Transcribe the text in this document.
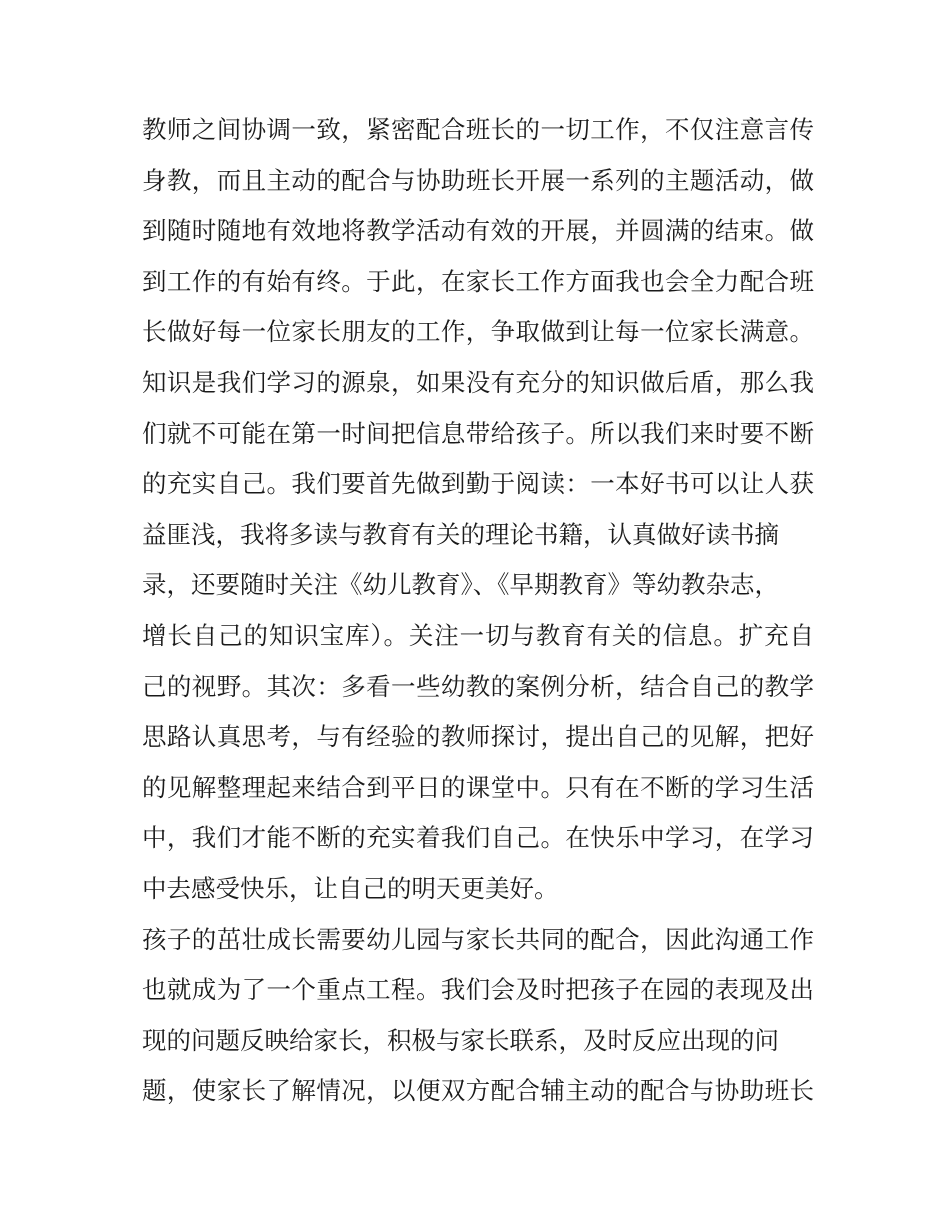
教师之间协调一致，紧密配合班长的一切工作，不仅注意言传
身教，而且主动的配合与协助班长开展一系列的主题活动，做
到随时随地有效地将教学活动有效的开展，并圆满的结束。做
到工作的有始有终。于此，在家长工作方面我也会全力配合班
长做好每一位家长朋友的工作，争取做到让每一位家长满意。
知识是我们学习的源泉，如果没有充分的知识做后盾，那么我
们就不可能在第一时间把信息带给孩子。所以我们来时要不断
的充实自己。我们要首先做到勤于阅读：一本好书可以让人获
益匪浅，我将多读与教育有关的理论书籍，认真做好读书摘
录，还要随时关注《幼儿教育》、《早期教育》等幼教杂志，
增长自己的知识宝库）。关注一切与教育有关的信息。扩充自
己的视野。其次：多看一些幼教的案例分析，结合自己的教学
思路认真思考，与有经验的教师探讨，提出自己的见解，把好
的见解整理起来结合到平日的课堂中。只有在不断的学习生活
中，我们才能不断的充实着我们自己。在快乐中学习，在学习
中去感受快乐，让自己的明天更美好。
孩子的茁壮成长需要幼儿园与家长共同的配合，因此沟通工作
也就成为了一个重点工程。我们会及时把孩子在园的表现及出
现的问题反映给家长，积极与家长联系，及时反应出现的问
题，使家长了解情况，以便双方配合辅主动的配合与协助班长
